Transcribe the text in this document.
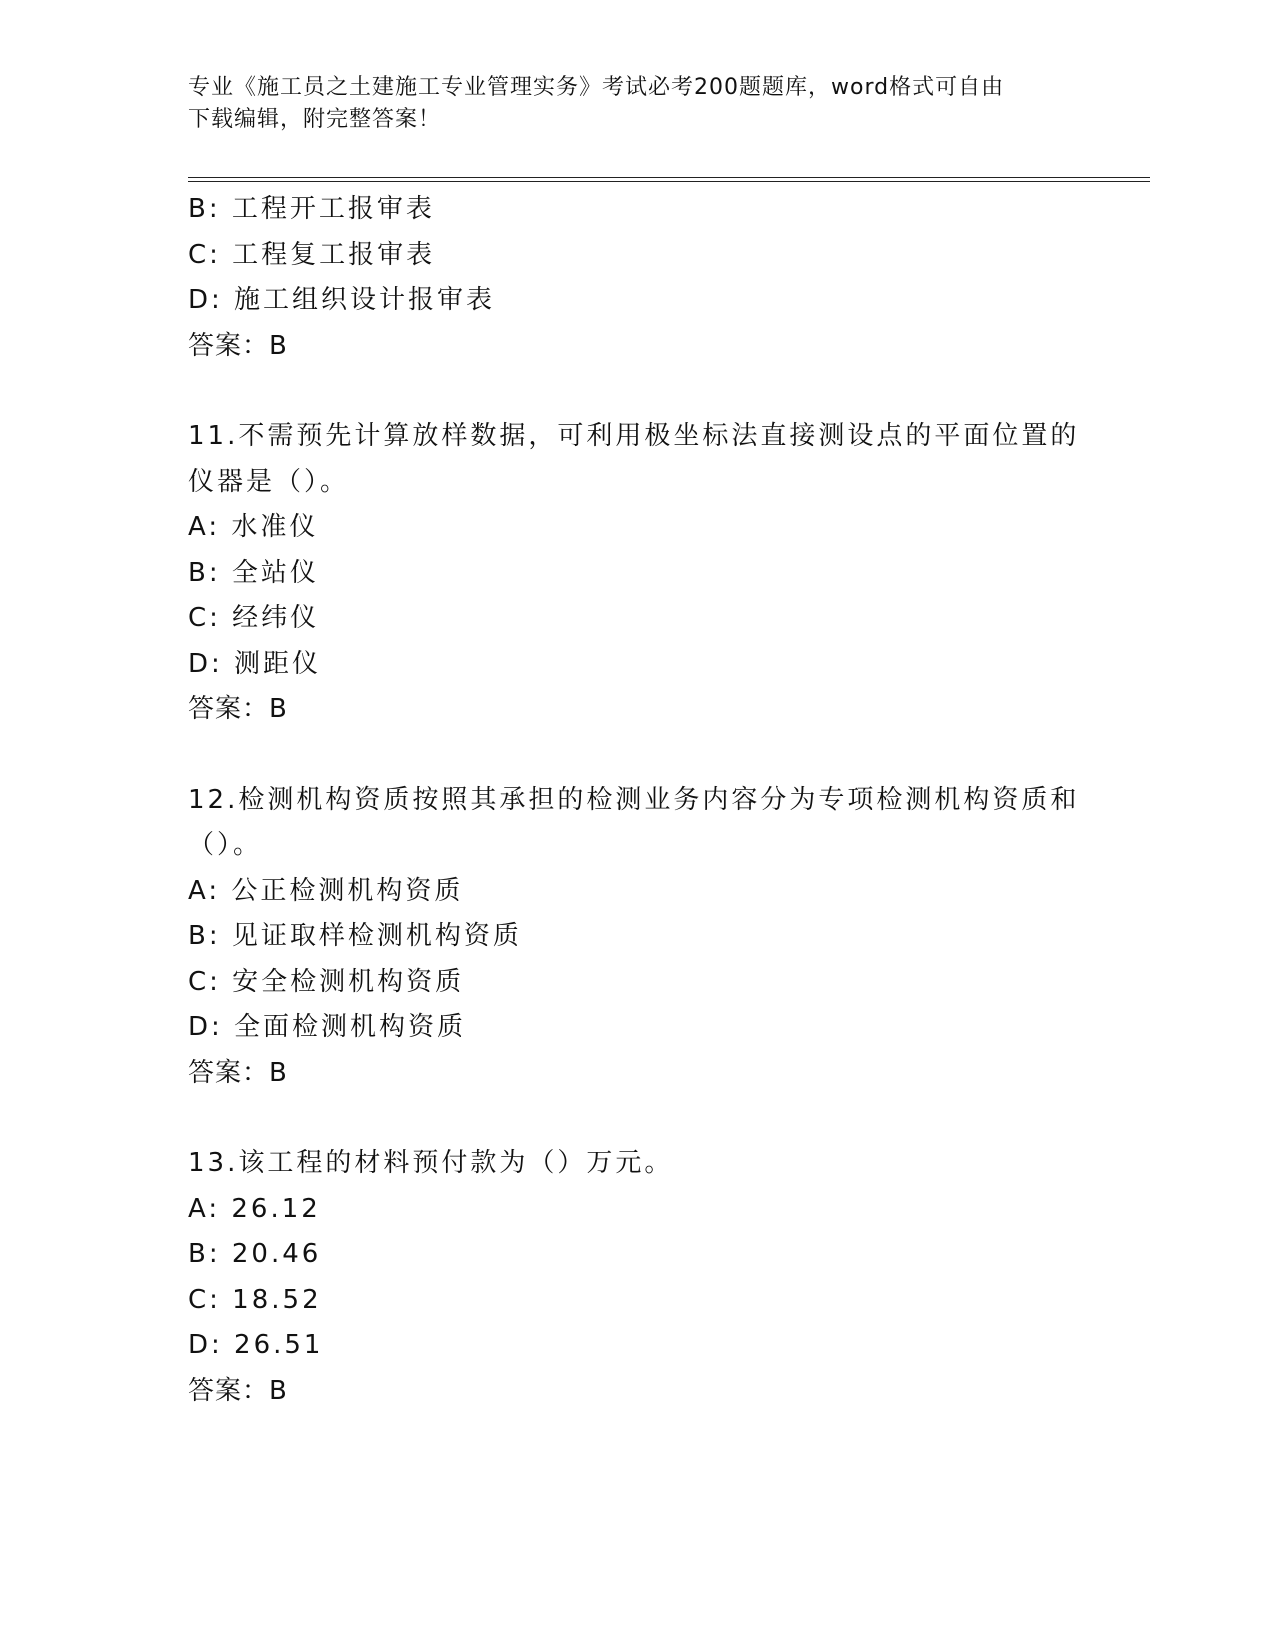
专业《施工员之土建施工专业管理实务》考试必考200题题库，word格式可自由
下载编辑，附完整答案！
B: 工程开工报审表
C: 工程复工报审表
D: 施工组织设计报审表
答案：B
11.不需预先计算放样数据，可利用极坐标法直接测设点的平面位置的
仪器是（）。
A: 水准仪
B: 全站仪
C: 经纬仪
D: 测距仪
答案：B
12.检测机构资质按照其承担的检测业务内容分为专项检测机构资质和
（）。
A: 公正检测机构资质
B: 见证取样检测机构资质
C: 安全检测机构资质
D: 全面检测机构资质
答案：B
13.该工程的材料预付款为（）万元。
A: 26.12
B: 20.46
C: 18.52
D: 26.51
答案：B
